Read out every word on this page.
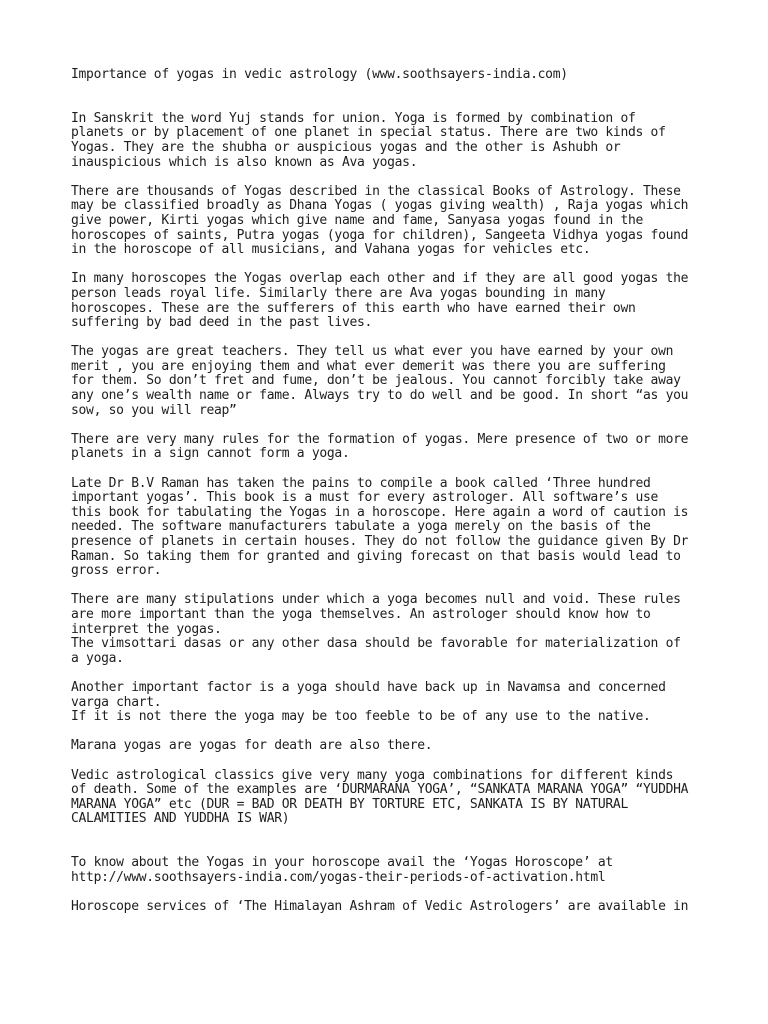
Importance of yogas in vedic astrology (www.soothsayers-india.com)
In Sanskrit the word Yuj stands for union. Yoga is formed by combination of
planets or by placement of one planet in special status. There are two kinds of
Yogas. They are the shubha or auspicious yogas and the other is Ashubh or
inauspicious which is also known as Ava yogas.
There are thousands of Yogas described in the classical Books of Astrology. These
may be classified broadly as Dhana Yogas ( yogas giving wealth) , Raja yogas which
give power, Kirti yogas which give name and fame, Sanyasa yogas found in the
horoscopes of saints, Putra yogas (yoga for children), Sangeeta Vidhya yogas found
in the horoscope of all musicians, and Vahana yogas for vehicles etc.
In many horoscopes the Yogas overlap each other and if they are all good yogas the
person leads royal life. Similarly there are Ava yogas bounding in many
horoscopes. These are the sufferers of this earth who have earned their own
suffering by bad deed in the past lives.
The yogas are great teachers. They tell us what ever you have earned by your own
merit , you are enjoying them and what ever demerit was there you are suffering
for them. So don’t fret and fume, don’t be jealous. You cannot forcibly take away
any one’s wealth name or fame. Always try to do well and be good. In short “as you
sow, so you will reap”
There are very many rules for the formation of yogas. Mere presence of two or more
planets in a sign cannot form a yoga.
Late Dr B.V Raman has taken the pains to compile a book called ‘Three hundred
important yogas’. This book is a must for every astrologer. All software’s use
this book for tabulating the Yogas in a horoscope. Here again a word of caution is
needed. The software manufacturers tabulate a yoga merely on the basis of the
presence of planets in certain houses. They do not follow the guidance given By Dr
Raman. So taking them for granted and giving forecast on that basis would lead to
gross error.
There are many stipulations under which a yoga becomes null and void. These rules
are more important than the yoga themselves. An astrologer should know how to
interpret the yogas.
The vimsottari dasas or any other dasa should be favorable for materialization of
a yoga.
Another important factor is a yoga should have back up in Navamsa and concerned
varga chart.
If it is not there the yoga may be too feeble to be of any use to the native.
Marana yogas are yogas for death are also there.
Vedic astrological classics give very many yoga combinations for different kinds
of death. Some of the examples are ‘DURMARANA YOGA’, “SANKATA MARANA YOGA” “YUDDHA
MARANA YOGA” etc (DUR = BAD OR DEATH BY TORTURE ETC, SANKATA IS BY NATURAL
CALAMITIES AND YUDDHA IS WAR)
To know about the Yogas in your horoscope avail the ‘Yogas Horoscope’ at
http://www.soothsayers-india.com/yogas-their-periods-of-activation.html
Horoscope services of ‘The Himalayan Ashram of Vedic Astrologers’ are available in
